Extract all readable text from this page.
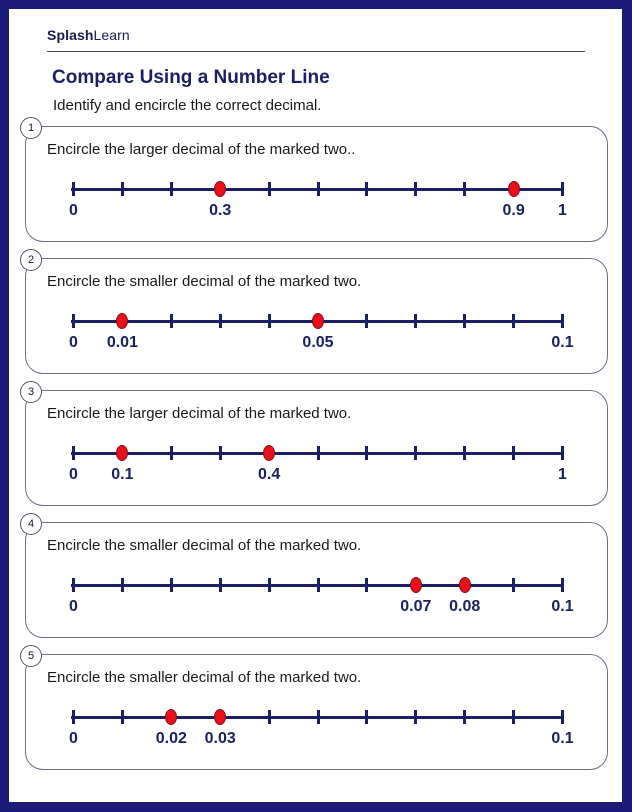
SplashLearn
Compare Using a Number Line
Identify and encircle the correct decimal.
1
Encircle the larger decimal of the marked two..
0	0.3	0.9 1
2
Encircle the smaller decimal of the marked two.
0 0.01	0.05	0.1
3
Encircle the larger decimal of the marked two.
0 0.1	0.4	1
4
Encircle the smaller decimal of the marked two.
0	0.07 0.08	0.1
5
Encircle the smaller decimal of the marked two.
0	0.02 0.03	0.1
